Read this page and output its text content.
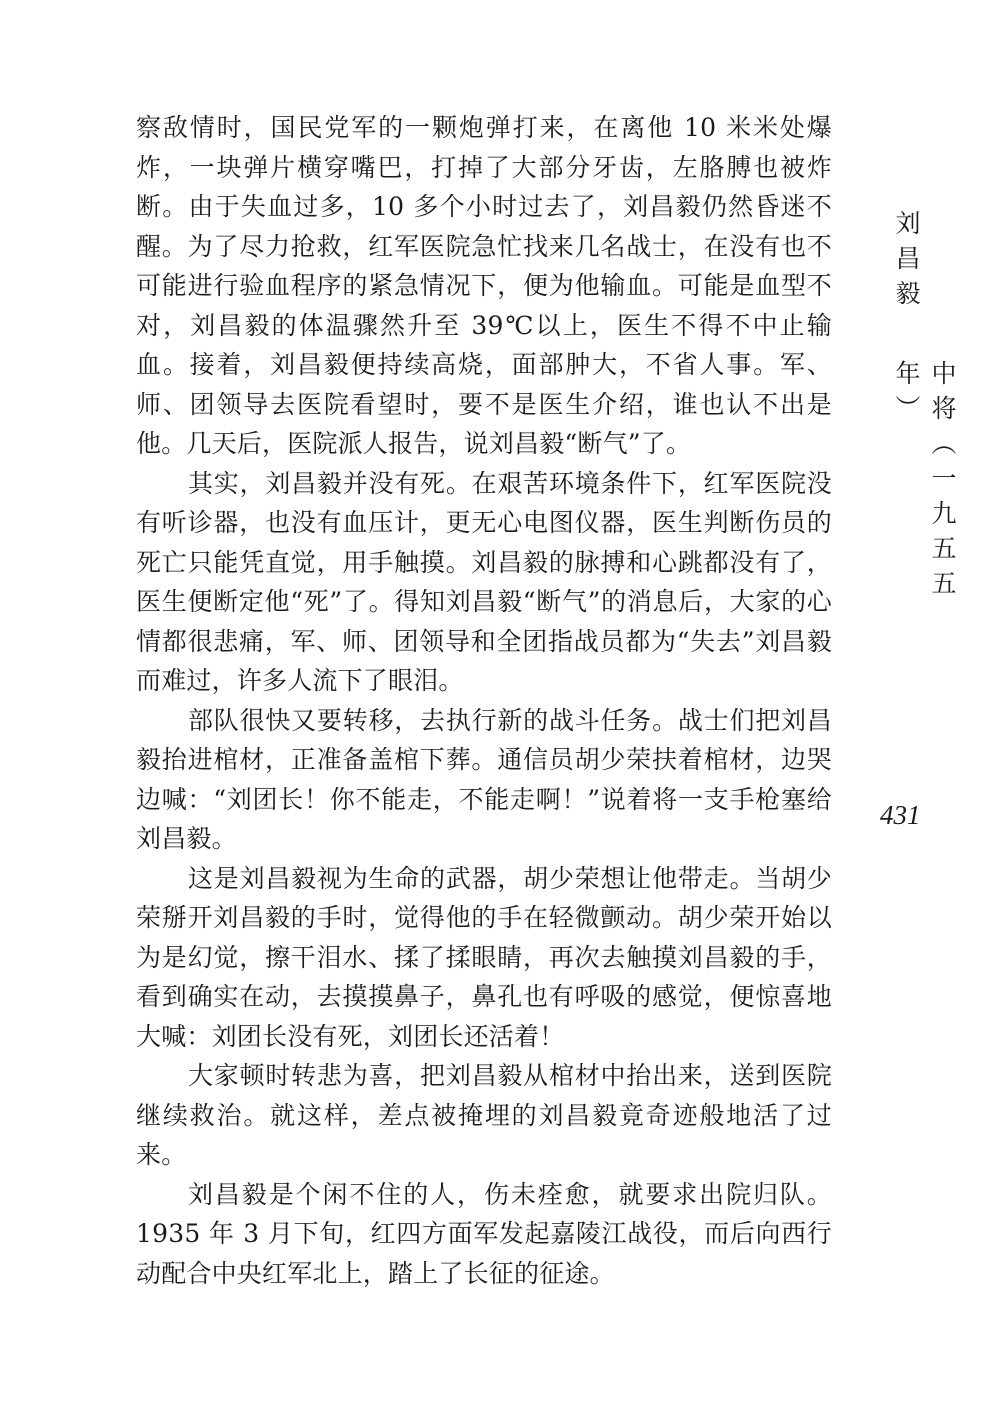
察敌情时，国民党军的一颗炮弹打来，在离他 10 米米处爆炸，一块弹片横穿嘴巴，打掉了大部分牙齿，左胳膊也被炸断。由于失血过多，10 多个小时过去了，刘昌毅仍然昏迷不醒。为了尽力抢救，红军医院急忙找来几名战士，在没有也不可能进行验血程序的紧急情况下，便为他输血。可能是血型不对，刘昌毅的体温骤然升至 39℃以上，医生不得不中止输血。接着，刘昌毅便持续高烧，面部肿大，不省人事。军、师、团领导去医院看望时，要不是医生介绍，谁也认不出是他。几天后，医院派人报告，说刘昌毅“断气”了。

其实，刘昌毅并没有死。在艰苦环境条件下，红军医院没有听诊器，也没有血压计，更无心电图仪器，医生判断伤员的死亡只能凭直觉，用手触摸。刘昌毅的脉搏和心跳都没有了，医生便断定他“死”了。得知刘昌毅“断气”的消息后，大家的心情都很悲痛，军、师、团领导和全团指战员都为“失去”刘昌毅而难过，许多人流下了眼泪。

部队很快又要转移，去执行新的战斗任务。战士们把刘昌毅抬进棺材，正准备盖棺下葬。通信员胡少荣扶着棺材，边哭边喊：“刘团长！你不能走，不能走啊！”说着将一支手枪塞给刘昌毅。

这是刘昌毅视为生命的武器，胡少荣想让他带走。当胡少荣掰开刘昌毅的手时，觉得他的手在轻微颤动。胡少荣开始以为是幻觉，擦干泪水、揉了揉眼睛，再次去触摸刘昌毅的手，看到确实在动，去摸摸鼻子，鼻孔也有呼吸的感觉，便惊喜地大喊：刘团长没有死，刘团长还活着！

大家顿时转悲为喜，把刘昌毅从棺材中抬出来，送到医院继续救治。就这样，差点被掩埋的刘昌毅竟奇迹般地活了过来。

刘昌毅是个闲不住的人，伤未痊愈，就要求出院归队。1935 年 3 月下旬，红四方面军发起嘉陵江战役，而后向西行动配合中央红军北上，踏上了长征的征途。

刘昌毅
中将（一九五五年）
431
